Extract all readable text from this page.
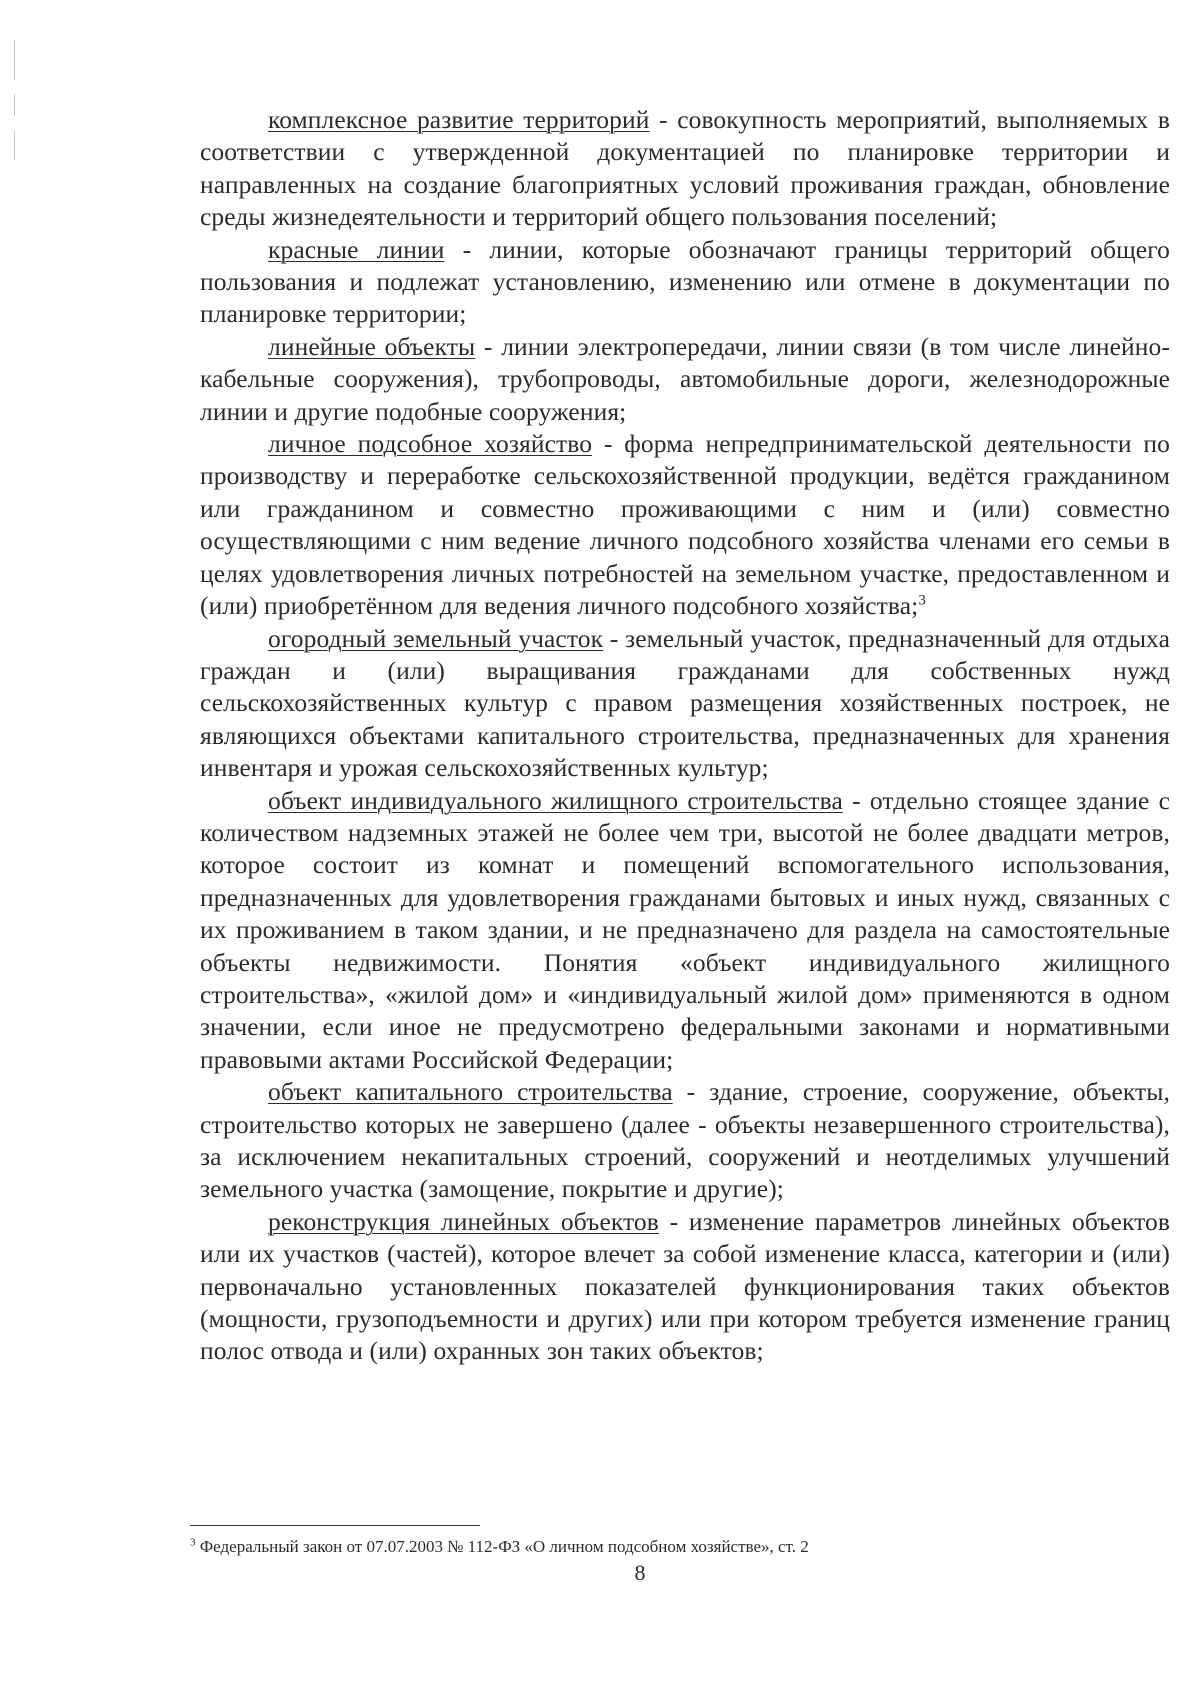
комплексное развитие территорий - совокупность мероприятий, выполняемых в соответствии с утвержденной документацией по планировке территории и направленных на создание благоприятных условий проживания граждан, обновление среды жизнедеятельности и территорий общего пользования поселений;

красные линии - линии, которые обозначают границы территорий общего пользования и подлежат установлению, изменению или отмене в документации по планировке территории;

линейные объекты - линии электропередачи, линии связи (в том числе линейно-кабельные сооружения), трубопроводы, автомобильные дороги, железнодорожные линии и другие подобные сооружения;

личное подсобное хозяйство - форма непредпринимательской деятельности по производству и переработке сельскохозяйственной продукции, ведётся гражданином или гражданином и совместно проживающими с ним и (или) совместно осуществляющими с ним ведение личного подсобного хозяйства членами его семьи в целях удовлетворения личных потребностей на земельном участке, предоставленном и (или) приобретённом для ведения личного подсобного хозяйства;$^3$

огородный земельный участок - земельный участок, предназначенный для отдыха граждан и (или) выращивания гражданами для собственных нужд сельскохозяйственных культур с правом размещения хозяйственных построек, не являющихся объектами капитального строительства, предназначенных для хранения инвентаря и урожая сельскохозяйственных культур;

объект индивидуального жилищного строительства - отдельно стоящее здание с количеством надземных этажей не более чем три, высотой не более двадцати метров, которое состоит из комнат и помещений вспомогательного использования, предназначенных для удовлетворения гражданами бытовых и иных нужд, связанных с их проживанием в таком здании, и не предназначено для раздела на самостоятельные объекты недвижимости. Понятия «объект индивидуального жилищного строительства», «жилой дом» и «индивидуальный жилой дом» применяются в одном значении, если иное не предусмотрено федеральными законами и нормативными правовыми актами Российской Федерации;

объект капитального строительства - здание, строение, сооружение, объекты, строительство которых не завершено (далее - объекты незавершенного строительства), за исключением некапитальных строений, сооружений и неотделимых улучшений земельного участка (замощение, покрытие и другие);

реконструкция линейных объектов - изменение параметров линейных объектов или их участков (частей), которое влечет за собой изменение класса, категории и (или) первоначально установленных показателей функционирования таких объектов (мощности, грузоподъемности и других) или при котором требуется изменение границ полос отвода и (или) охранных зон таких объектов;

$^3$ Федеральный закон от 07.07.2003 № 112-ФЗ «О личном подсобном хозяйстве», ст. 2

8
